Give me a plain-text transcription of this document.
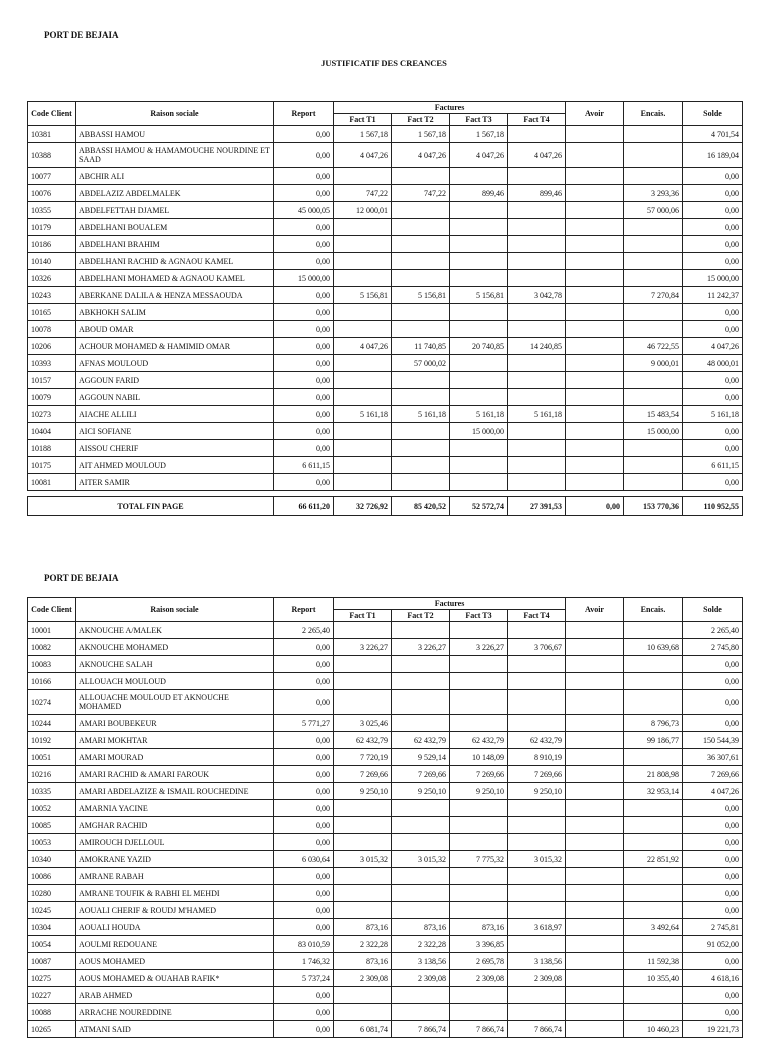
PORT DE BEJAIA
JUSTIFICATIF DES CREANCES
Code Client	Raison sociale	Report	Factures				Avoir	Encais.	Solde
			Fact T1	Fact T2	Fact T3	Fact T4			
10381	ABBASSI HAMOU	0,00	1 567,18	1 567,18	1 567,18				4 701,54
10388	ABBASSI HAMOU & HAMAMOUCHE NOURDINE ET SAAD	0,00	4 047,26	4 047,26	4 047,26	4 047,26			16 189,04
10077	ABCHIR ALI	0,00							0,00
10076	ABDELAZIZ ABDELMALEK	0,00	747,22	747,22	899,46	899,46		3 293,36	0,00
10355	ABDELFETTAH DJAMEL	45 000,05	12 000,01					57 000,06	0,00
10179	ABDELHANI BOUALEM	0,00							0,00
10186	ABDELHANI BRAHIM	0,00							0,00
10140	ABDELHANI RACHID & AGNAOU KAMEL	0,00							0,00
10326	ABDELHANI MOHAMED & AGNAOU KAMEL	15 000,00							15 000,00
10243	ABERKANE DALILA & HENZA MESSAOUDA	0,00	5 156,81	5 156,81	5 156,81	3 042,78		7 270,84	11 242,37
10165	ABKHOKH SALIM	0,00							0,00
10078	ABOUD OMAR	0,00							0,00
10206	ACHOUR MOHAMED & HAMIMID OMAR	0,00	4 047,26	11 740,85	20 740,85	14 240,85		46 722,55	4 047,26
10393	AFNAS MOULOUD	0,00		57 000,02				9 000,01	48 000,01
10157	AGGOUN FARID	0,00							0,00
10079	AGGOUN NABIL	0,00							0,00
10273	AIACHE ALLILI	0,00	5 161,18	5 161,18	5 161,18	5 161,18		15 483,54	5 161,18
10404	AICI SOFIANE	0,00			15 000,00			15 000,00	0,00
10188	AISSOU CHERIF	0,00							0,00
10175	AIT AHMED MOULOUD	6 611,15							6 611,15
10081	AITER SAMIR	0,00							0,00
TOTAL FIN PAGE	66 611,20	32 726,92	85 420,52	52 572,74	27 391,53	0,00	153 770,36	110 952,55
PORT DE BEJAIA
Code Client	Raison sociale	Report	Factures				Avoir	Encais.	Solde
			Fact T1	Fact T2	Fact T3	Fact T4			
10001	AKNOUCHE A/MALEK	2 265,40							2 265,40
10082	AKNOUCHE MOHAMED	0,00	3 226,27	3 226,27	3 226,27	3 706,67		10 639,68	2 745,80
10083	AKNOUCHE SALAH	0,00							0,00
10166	ALLOUACH MOULOUD	0,00							0,00
10274	ALLOUACHE MOULOUD ET AKNOUCHE MOHAMED	0,00							0,00
10244	AMARI BOUBEKEUR	5 771,27	3 025,46					8 796,73	0,00
10192	AMARI MOKHTAR	0,00	62 432,79	62 432,79	62 432,79	62 432,79		99 186,77	150 544,39
10051	AMARI MOURAD	0,00	7 720,19	9 529,14	10 148,09	8 910,19			36 307,61
10216	AMARI RACHID & AMARI FAROUK	0,00	7 269,66	7 269,66	7 269,66	7 269,66		21 808,98	7 269,66
10335	AMARI ABDELAZIZE & ISMAIL ROUCHEDINE	0,00	9 250,10	9 250,10	9 250,10	9 250,10		32 953,14	4 047,26
10052	AMARNIA YACINE	0,00							0,00
10085	AMGHAR RACHID	0,00							0,00
10053	AMIROUCH DJELLOUL	0,00							0,00
10340	AMOKRANE YAZID	6 030,64	3 015,32	3 015,32	7 775,32	3 015,32		22 851,92	0,00
10086	AMRANE RABAH	0,00							0,00
10280	AMRANE TOUFIK & RABHI EL MEHDI	0,00							0,00
10245	AOUALI CHERIF & ROUDJ M'HAMED	0,00							0,00
10304	AOUALI HOUDA	0,00	873,16	873,16	873,16	3 618,97		3 492,64	2 745,81
10054	AOULMI REDOUANE	83 010,59	2 322,28	2 322,28	3 396,85				91 052,00
10087	AOUS MOHAMED	1 746,32	873,16	3 138,56	2 695,78	3 138,56		11 592,38	0,00
10275	AOUS MOHAMED & OUAHAB RAFIK*	5 737,24	2 309,08	2 309,08	2 309,08	2 309,08		10 355,40	4 618,16
10227	ARAB AHMED	0,00							0,00
10088	ARRACHE NOUREDDINE	0,00							0,00
10265	ATMANI SAID	0,00	6 081,74	7 866,74	7 866,74	7 866,74		10 460,23	19 221,73
